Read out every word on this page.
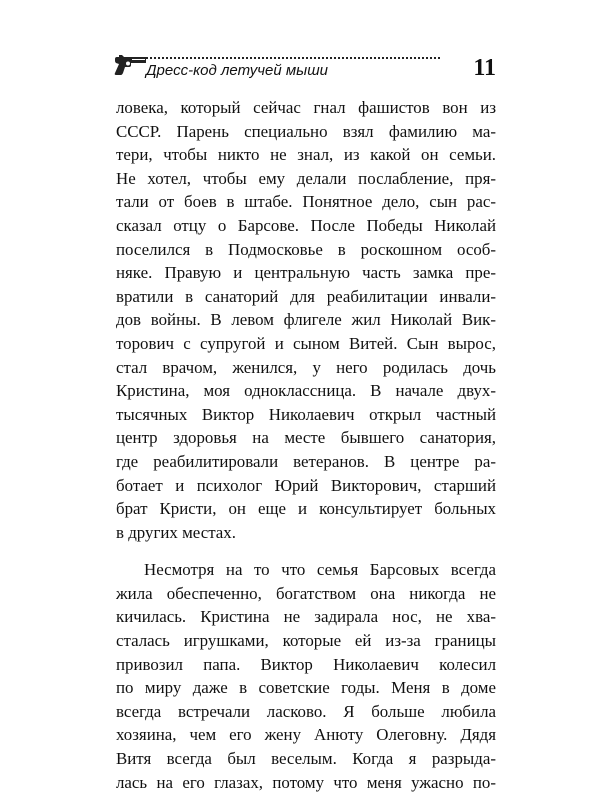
Дресс-код летучей мыши	11
ловека, который сейчас гнал фашистов вон из
СССР. Парень специально взял фамилию ма-
тери, чтобы никто не знал, из какой он семьи.
Не хотел, чтобы ему делали послабление, пря-
тали от боев в штабе. Понятное дело, сын рас-
сказал отцу о Барсове. После Победы Николай
поселился в Подмосковье в роскошном особ-
няке. Правую и центральную часть замка пре-
вратили в санаторий для реабилитации инвали-
дов войны. В левом флигеле жил Николай Вик-
торович с супругой и сыном Витей. Сын вырос,
стал врачом, женился, у него родилась дочь
Кристина, моя одноклассница. В начале двух-
тысячных Виктор Николаевич открыл частный
центр здоровья на месте бывшего санатория,
где реабилитировали ветеранов. В центре ра-
ботает и психолог Юрий Викторович, старший
брат Кристи, он еще и консультирует больных
в других местах.
Несмотря на то что семья Барсовых всегда
жила обеспеченно, богатством она никогда не
кичилась. Кристина не задирала нос, не хва-
сталась игрушками, которые ей из-за границы
привозил папа. Виктор Николаевич колесил
по миру даже в советские годы. Меня в доме
всегда встречали ласково. Я больше любила
хозяина, чем его жену Анюту Олеговну. Дядя
Витя всегда был веселым. Когда я разрыда-
лась на его глазах, потому что меня ужасно по-
